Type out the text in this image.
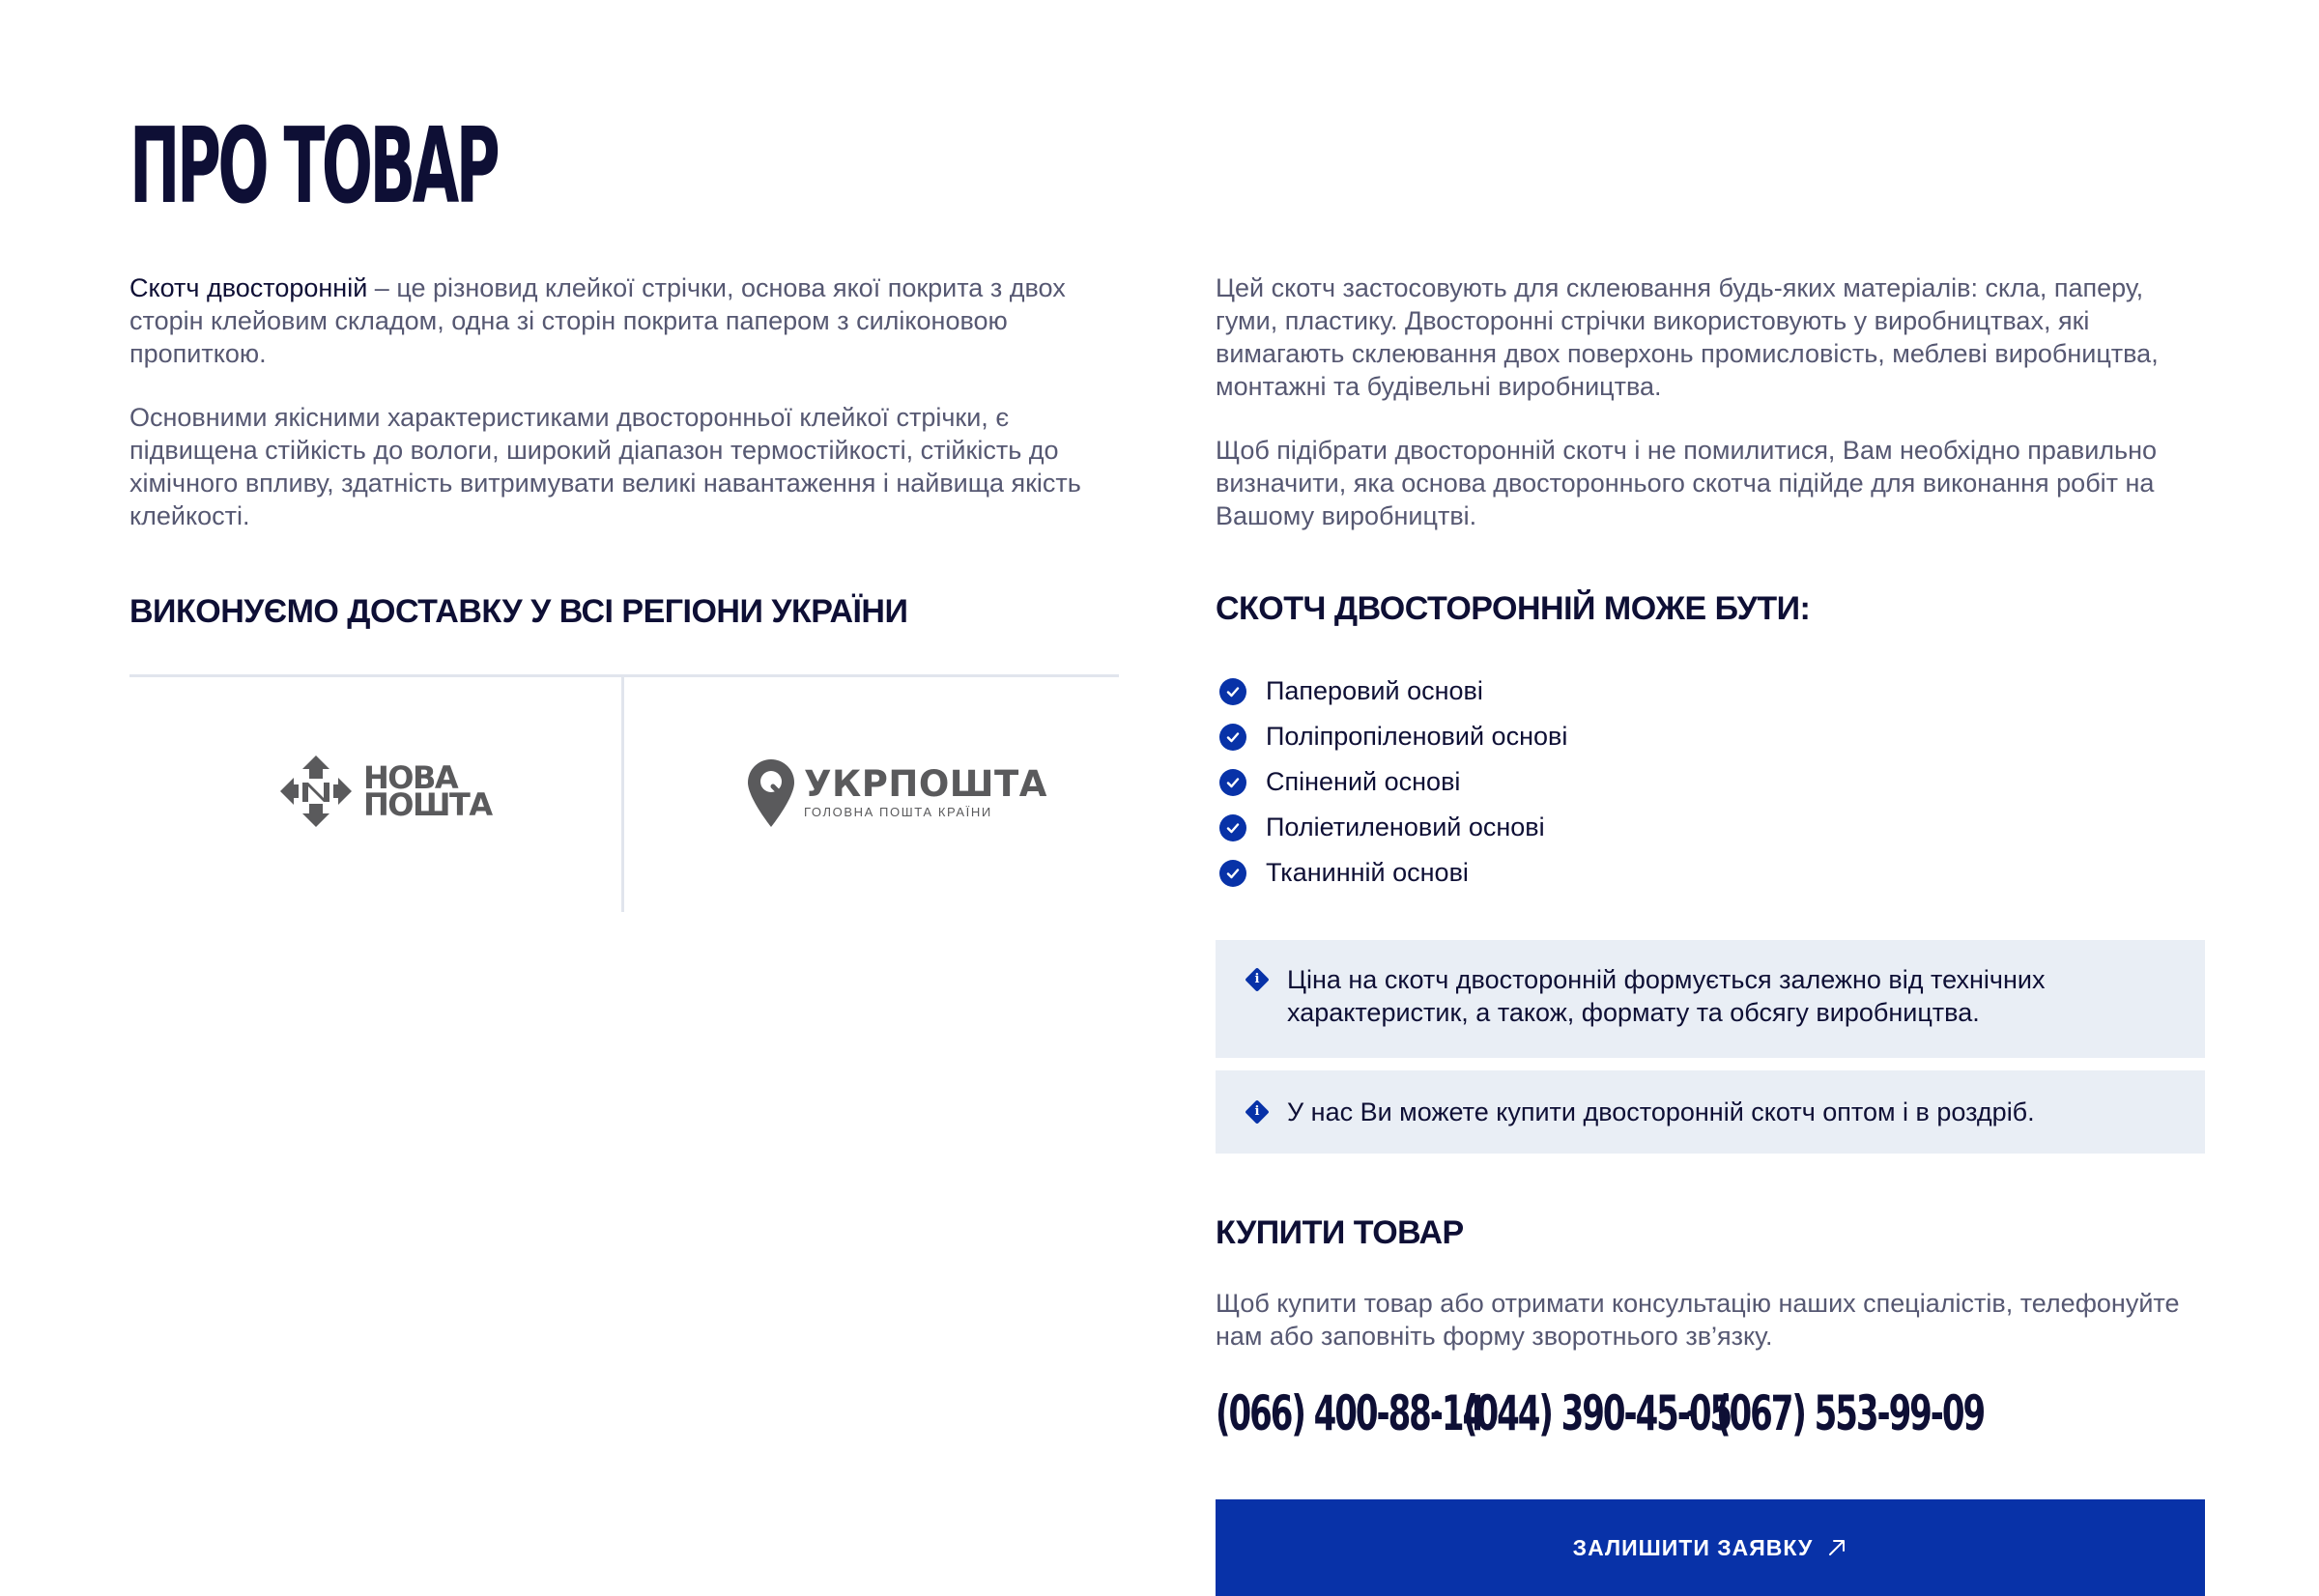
ПРО ТОВАР

Скотч двосторонній – це різновид клейкої стрічки, основа якої покрита з двох сторін клейовим складом, одна зі сторін покрита папером з силіконовою пропиткою.

Основними якісними характеристиками двосторонньої клейкої стрічки, є підвищена стійкість до вологи, широкий діапазон термостійкості, стійкість до хімічного впливу, здатність витримувати великі навантаження і найвища якість клейкості.

Цей скотч застосовують для склеювання будь-яких матеріалів: скла, паперу, гуми, пластику. Двосторонні стрічки використовують у виробництвах, які вимагають склеювання двох поверхонь промисловість, меблеві виробництва, монтажні та будівельні виробництва.

Щоб підібрати двосторонній скотч і не помилитися, Вам необхідно правильно визначити, яка основа двостороннього скотча підійде для виконання робіт на Вашому виробництві.

ВИКОНУЄМО ДОСТАВКУ У ВСІ РЕГІОНИ УКРАЇНИ
НОВА
ПОШТА	УКРПОШТА
ГОЛОВНА ПОШТА КРАЇНИ
СКОТЧ ДВОСТОРОННІЙ МОЖЕ БУТИ:
Паперовий основі
Поліпропіленовий основі
Спінений основі
Поліетиленовий основі
Тканинній основі
i	Ціна на скотч двосторонній формується залежно від технічних характеристик, а також, формату та обсягу виробництва.
i	У нас Ви можете купити двосторонній скотч оптом і в роздріб.
КУПИТИ ТОВАР

Щоб купити товар або отримати консультацію наших спеціалістів, телефонуйте нам або заповніть форму зворотнього зв’язку.

(066) 400-88-14
(044) 390-45-05
(067) 553-99-09
ЗАЛИШИТИ ЗАЯВКУ
